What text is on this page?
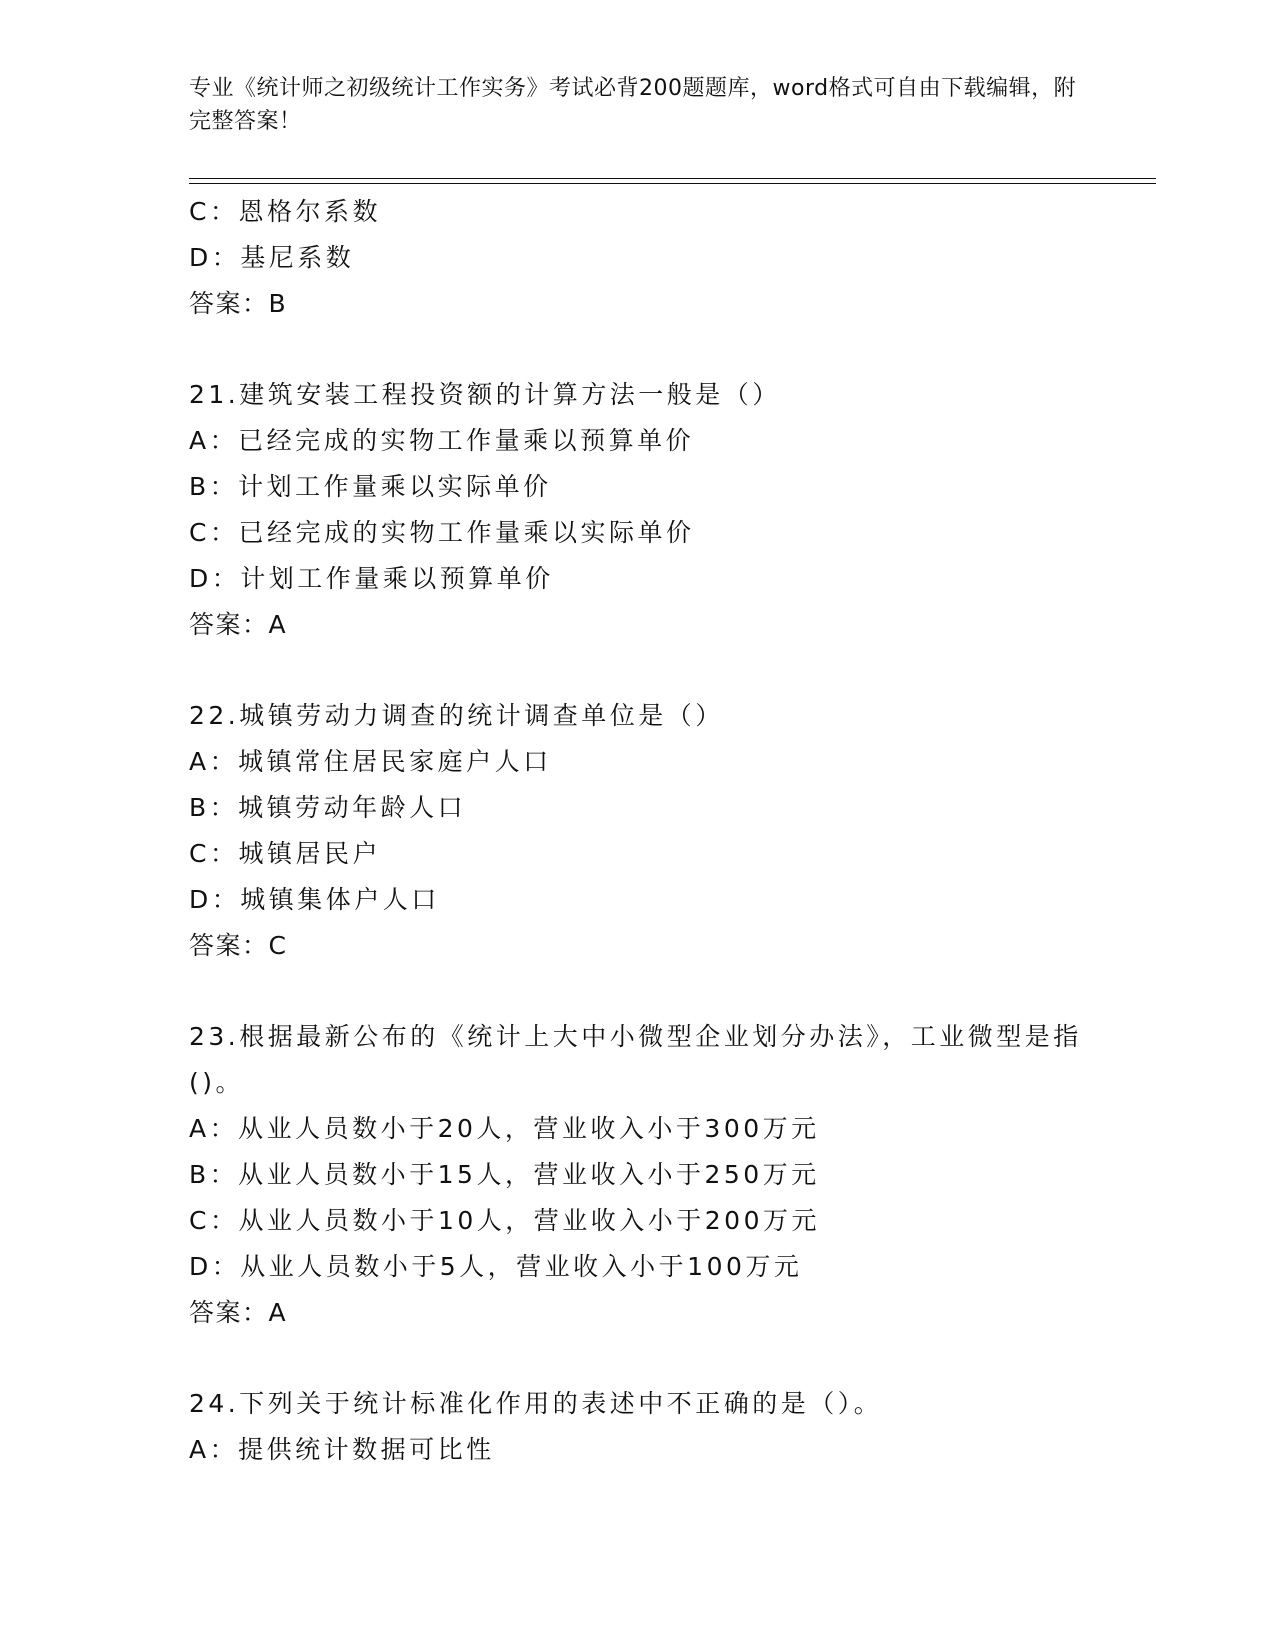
专业《统计师之初级统计工作实务》考试必背200题题库，word格式可自由下载编辑，附完整答案！
C：恩格尔系数
D：基尼系数
答案：B
21.建筑安装工程投资额的计算方法一般是（）
A：已经完成的实物工作量乘以预算单价
B：计划工作量乘以实际单价
C：已经完成的实物工作量乘以实际单价
D：计划工作量乘以预算单价
答案：A
22.城镇劳动力调查的统计调查单位是（）
A：城镇常住居民家庭户人口
B：城镇劳动年龄人口
C：城镇居民户
D：城镇集体户人口
答案：C
23.根据最新公布的《统计上大中小微型企业划分办法》，工业微型是指()。
A：从业人员数小于20人，营业收入小于300万元
B：从业人员数小于15人，营业收入小于250万元
C：从业人员数小于10人，营业收入小于200万元
D：从业人员数小于5人，营业收入小于100万元
答案：A
24.下列关于统计标准化作用的表述中不正确的是（）。
A：提供统计数据可比性
